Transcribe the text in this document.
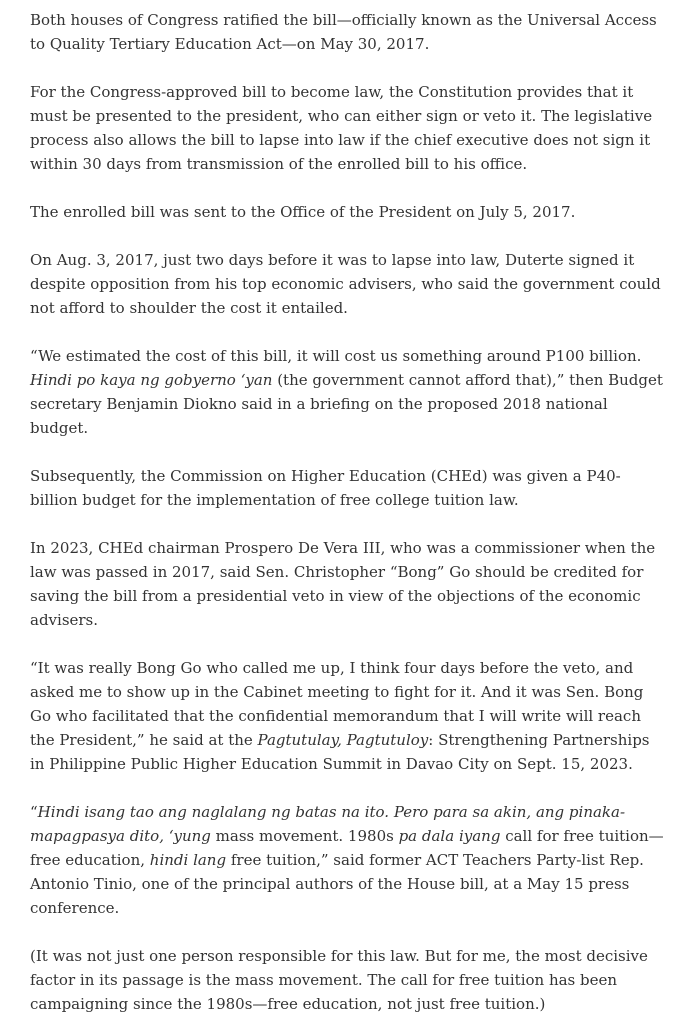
Both houses of Congress ratified the bill—officially known as the Universal Access to Quality Tertiary Education Act—on May 30, 2017.

For the Congress-approved bill to become law, the Constitution provides that it must be presented to the president, who can either sign or veto it. The legislative process also allows the bill to lapse into law if the chief executive does not sign it within 30 days from transmission of the enrolled bill to his office.

The enrolled bill was sent to the Office of the President on July 5, 2017.

On Aug. 3, 2017, just two days before it was to lapse into law, Duterte signed it despite opposition from his top economic advisers, who said the government could not afford to shoulder the cost it entailed.

“We estimated the cost of this bill, it will cost us something around P100 billion. Hindi po kaya ng gobyerno ‘yan (the government cannot afford that),” then Budget secretary Benjamin Diokno said in a briefing on the proposed 2018 national budget.

Subsequently, the Commission on Higher Education (CHEd) was given a P40-billion budget for the implementation of free college tuition law.

In 2023, CHEd chairman Prospero De Vera III, who was a commissioner when the law was passed in 2017, said Sen. Christopher “Bong” Go should be credited for saving the bill from a presidential veto in view of the objections of the economic advisers.

“It was really Bong Go who called me up, I think four days before the veto, and asked me to show up in the Cabinet meeting to fight for it. And it was Sen. Bong Go who facilitated that the confidential memorandum that I will write will reach the President,” he said at the Pagtutulay, Pagtutuloy: Strengthening Partnerships in Philippine Public Higher Education Summit in Davao City on Sept. 15, 2023.

“Hindi isang tao ang naglalang ng batas na ito. Pero para sa akin, ang pinaka-mapagpasya dito, ‘yung mass movement. 1980s pa dala iyang call for free tuition—free education, hindi lang free tuition,” said former ACT Teachers Party-list Rep. Antonio Tinio, one of the principal authors of the House bill, at a May 15 press conference.

(It was not just one person responsible for this law. But for me, the most decisive factor in its passage is the mass movement. The call for free tuition has been campaigning since the 1980s—free education, not just free tuition.)
